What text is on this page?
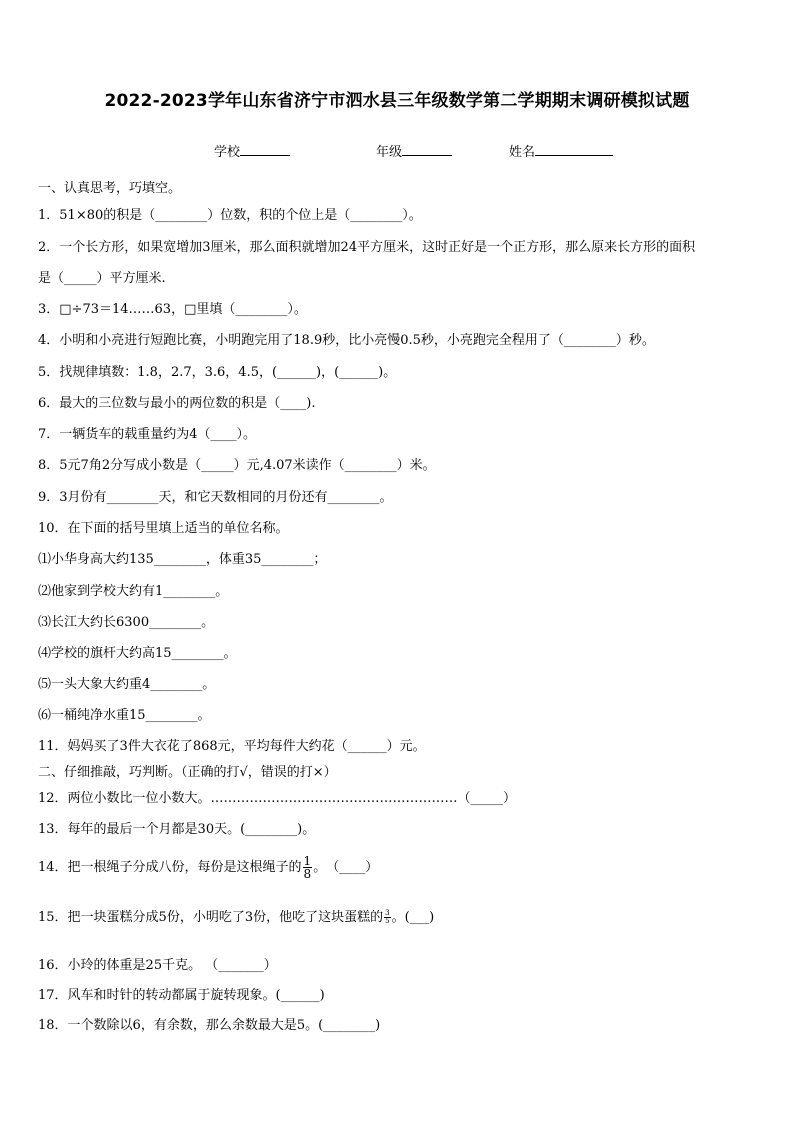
2022-2023学年山东省济宁市泗水县三年级数学第二学期期末调研模拟试题
学校	年级	姓名
一、认真思考，巧填空。
1．51×80的积是（________）位数，积的个位上是（________）。
2．一个长方形，如果宽增加3厘米，那么面积就增加24平方厘米，这时正好是一个正方形，那么原来长方形的面积
是（_____）平方厘米.
3．□÷73＝14……63，□里填（________）。
4．小明和小亮进行短跑比赛，小明跑完用了18.9秒，比小亮慢0.5秒，小亮跑完全程用了（________）秒。
5．找规律填数：1.8，2.7，3.6，4.5，(______)，(______)。
6．最大的三位数与最小的两位数的积是（____).
7．一辆货车的载重量约为4（____）。
8．5元7角2分写成小数是（_____）元,4.07米读作（________）米。
9．3月份有________天，和它天数相同的月份还有________。
10．在下面的括号里填上适当的单位名称。
⑴小华身高大约135________，体重35________；
⑵他家到学校大约有1________。
⑶长江大约长6300________。
⑷学校的旗杆大约高15________。
⑸一头大象大约重4________。
⑹一桶纯净水重15________。
11．妈妈买了3件大衣花了868元，平均每件大约花（______）元。
二、仔细推敲，巧判断。（正确的打√，错误的打×）
12．两位小数比一位小数大。…………………………………………………（_____）
13．每年的最后一个月都是30天。(________)。
14．把一根绳子分成八份，每份是这根绳子的 $\frac{1}{8}$ 。　（____）
15．把一块蛋糕分成5份，小明吃了3份，他吃了这块蛋糕的 $\frac{3}{5}$ 。(___)
16．小玲的体重是25千克。 （_______）
17．风车和时针的转动都属于旋转现象。(______)
18．一个数除以6，有余数，那么余数最大是5。(________)
